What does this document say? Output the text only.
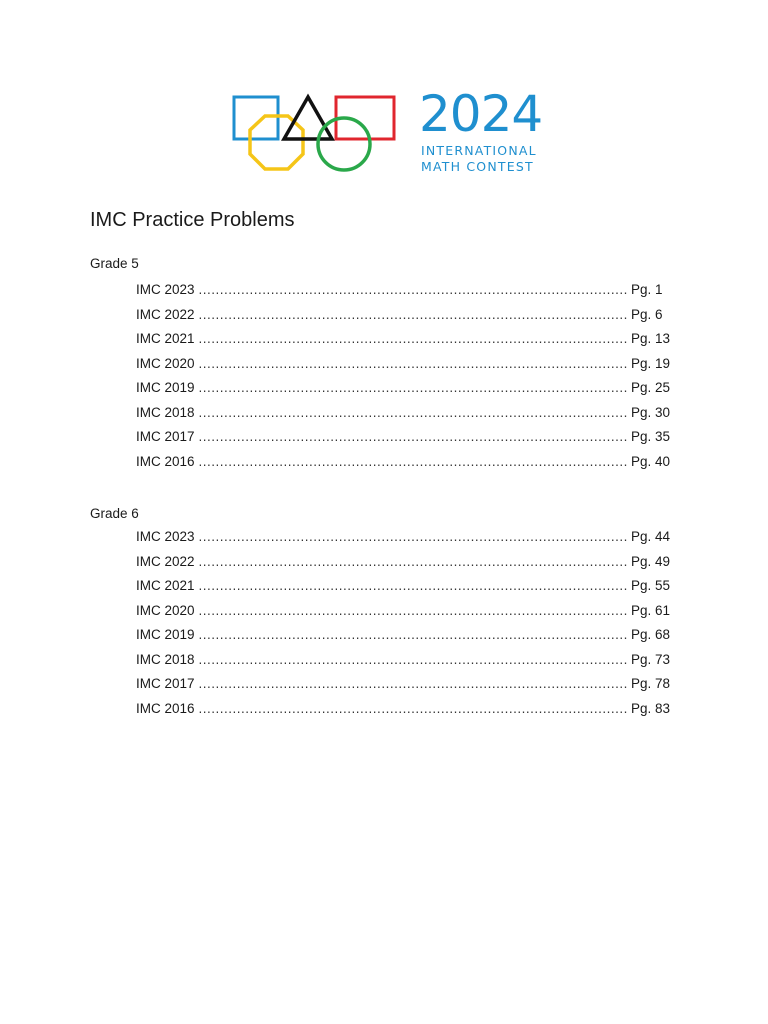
2024
INTERNATIONAL
MATH CONTEST
IMC Practice Problems
Grade 5
IMC 2023 .....	Pg. 1
IMC 2022 .....	Pg. 6
IMC 2021 .....	Pg. 13
IMC 2020 .....	Pg. 19
IMC 2019 .....	Pg. 25
IMC 2018 .....	Pg. 30
IMC 2017 .....	Pg. 35
IMC 2016 .....	Pg. 40
Grade 6
IMC 2023 .....	Pg. 44
IMC 2022 .....	Pg. 49
IMC 2021 .....	Pg. 55
IMC 2020 .....	Pg. 61
IMC 2019 .....	Pg. 68
IMC 2018 .....	Pg. 73
IMC 2017 .....	Pg. 78
IMC 2016 .....	Pg. 83
